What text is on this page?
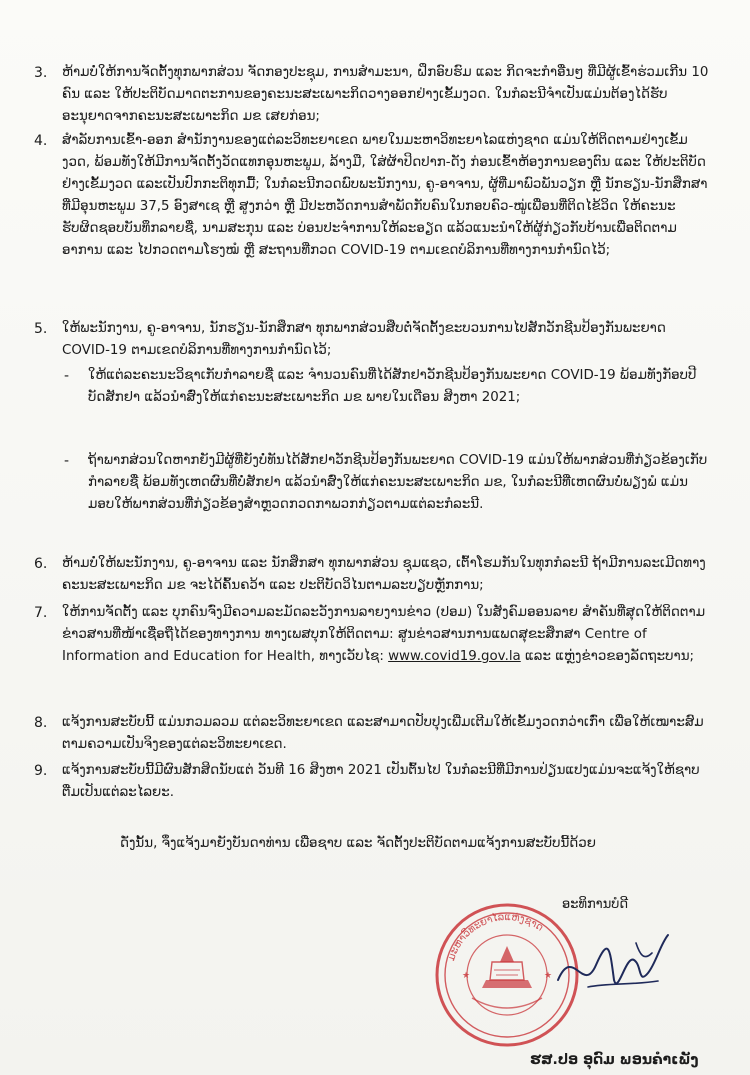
3.	ຫ້າມບໍ່ໃຫ້ການຈັດຕັ້ງທຸກພາກສ່ວນ ຈັດກອງປະຊຸມ, ການສຳມະນາ, ຝຶກອົບຮົມ ແລະ ກິດຈະກຳອື່ນໆ ທີ່ມີຜູ້ເຂົ້າຮ່ວມເກີນ 10 ຄົນ ແລະ ໃຫ້ປະຕິບັດມາດຕະການຂອງຄະນະສະເພາະກິດວາງອອກຢ່າງເຂັ້ມງວດ. ໃນກໍລະນີຈຳເປັນແມ່ນຕ້ອງໄດ້ຮັບອະນຸຍາດຈາກຄະນະສະເພາະກິດ ມຂ ເສຍກ່ອນ;
4.	ສຳລັບການເຂົ້າ-ອອກ ສຳນັກງານຂອງແຕ່ລະວິທະຍາເຂດ ພາຍໃນມະຫາວິທະຍາໄລແຫ່ງຊາດ ແມ່ນໃຫ້ຕິດຕາມຢ່າງເຂັ້ມງວດ, ພ້ອມທັງໃຫ້ມີການຈັດຕັ້ງວັດແທກອຸນຫະພູມ, ລ້າງມື, ໃສ່ຜ້າປິດປາກ-ດັງ ກ່ອນເຂົ້າຫ້ອງການຂອງຕົນ ແລະ ໃຫ້ປະຕິບັດຢ່າງເຂັ້ມງວດ ແລະເປັນປົກກະຕິທຸກມື້; ໃນກໍລະນີກວດພົບພະນັກງານ, ຄູ-ອາຈານ, ຜູ້ທີ່ມາພົວພັນວຽກ ຫຼື ນັກຮຽນ-ນັກສຶກສາ ທີ່ມີອຸນຫະພູມ 37,5 ອົງສາເຊ ຫຼື ສູງກວ່າ ຫຼື ມີປະຫວັດການສຳພັດກັບຄົນໃນກອບຄົວ-ໝູ່ເພື່ອນທີ່ຕິດໄຂ້ວິດ ໃຫ້ຄະນະຮັບຜິດຊອບບັນທຶກລາຍຊື່, ນາມສະກຸນ ແລະ ບ່ອນປະຈຳການໃຫ້ລະອຽດ ແລ້ວແນະນຳໃຫ້ຜູ້ກ່ຽວກັບບ້ານເພື່ອຕິດຕາມອາການ ແລະ ໄປກວດຕາມໂຮງໝໍ ຫຼື ສະຖານທີ່ກວດ COVID-19 ຕາມເຂດບໍລິການທີ່ທາງການກຳນົດໄວ້;
5.	ໃຫ້ພະນັກງານ, ຄູ-ອາຈານ, ນັກຮຽນ-ນັກສຶກສາ ທຸກພາກສ່ວນສືບຕໍ່ຈັດຕັ້ງຂະບວນການໄປສັກວັກຊີນປ້ອງກັນພະຍາດ COVID-19 ຕາມເຂດບໍລິການທີ່ທາງການກຳນົດໄວ້;
- ໃຫ້ແຕ່ລະຄະນະວິຊາເກັບກຳລາຍຊື່ ແລະ ຈຳນວນຄົນທີ່ໄດ້ສັກຢາວັກຊີນປ້ອງກັນພະຍາດ COVID-19 ພ້ອມທັງກັອບປີບັດສັກຢາ ແລ້ວນຳສົ່ງໃຫ້ແກ່ຄະນະສະເພາະກິດ ມຂ ພາຍໃນເດືອນ ສິງຫາ 2021;
- ຖ້າພາກສ່ວນໃດຫາກຍັງມີຜູ້ທີ່ຍັງບໍ່ທັນໄດ້ສັກຢາວັກຊີນປ້ອງກັນພະຍາດ COVID-19 ແມ່ນໃຫ້ພາກສ່ວນທີ່ກ່ຽວຂ້ອງເກັບກຳລາຍຊື່ ພ້ອມທັງເຫດຜົນທີ່ບໍ່ສັກຢາ ແລ້ວນຳສົ່ງໃຫ້ແກ່ຄະນະສະເພາະກິດ ມຂ, ໃນກໍລະນີທີ່ເຫດຜົນບໍ່ພຽງພໍ ແມ່ນມອບໃຫ້ພາກສ່ວນທີ່ກ່ຽວຂ້ອງສຳຫຼວດກວດກາພວກກ່ຽວຕາມແຕ່ລະກໍລະນີ.
6.	ຫ້າມບໍ່ໃຫ້ພະນັກງານ, ຄູ-ອາຈານ ແລະ ນັກສຶກສາ ທຸກພາກສ່ວນ ຊຸມແຊວ, ເຕົ້າໂຮມກັນໃນທຸກກໍລະນີ ຖ້າມີການລະເມີດທາງຄະນະສະເພາະກິດ ມຂ ຈະໄດ້ຄົ້ນຄວ້າ ແລະ ປະຕິບັດວິໄນຕາມລະບຽບຫຼັກການ;
7.	ໃຫ້ການຈັດຕັ້ງ ແລະ ບຸກຄົນຈົ່ງມີຄວາມລະມັດລະວັງການລາຍງານຂ່າວ (ປອມ) ໃນສັງຄົມອອນລາຍ ສຳຄັນທີ່ສຸດໃຫ້ຕິດຕາມຂ່າວສານທີ່ໜ້າເຊື່ອຖືໄດ້ຂອງທາງການ ທາງເພສບຸກໃຫ້ຕິດຕາມ: ສູນຂ່າວສານການແພດສຸຂະສຶກສາ Centre of Information and Education for Health, ທາງເວັບໄຊ: www.covid19.gov.la ແລະ ແຫຼ່ງຂ່າວຂອງລັດຖະບານ;
8.	ແຈ້ງການສະບັບນີ້ ແມ່ນກວມລວມ ແຕ່ລະວິທະຍາເຂດ ແລະສາມາດປັບປຸງເພີ່ມເຕີມໃຫ້ເຂັ້ມງວດກວ່າເກົ່າ ເພື່ອໃຫ້ເໝາະສົມຕາມຄວາມເປັນຈິງຂອງແຕ່ລະວິທະຍາເຂດ.
9.	ແຈ້ງການສະບັບນີ້ມີຜົນສັກສິດນັບແຕ່ ວັນທີ 16 ສິງຫາ 2021 ເປັນຕົ້ນໄປ ໃນກໍລະນີທີ່ມີການປ່ຽນແປງແມ່ນຈະແຈ້ງໃຫ້ຊາບຕື່ມເປັນແຕ່ລະໄລຍະ.
ດັ່ງນັ້ນ, ຈຶ່ງແຈ້ງມາຍັງບັນດາທ່ານ ເພື່ອຊາບ ແລະ ຈັດຕັ້ງປະຕິບັດຕາມແຈ້ງການສະບັບນີ້ດ້ວຍ
ອະທິການບໍດີ
ມະຫາວິທະຍາໄລແຫ່ງຊາດ
★	★
ຮສ.ປອ ອຸດົມ ພອນຄຳເພັງ
